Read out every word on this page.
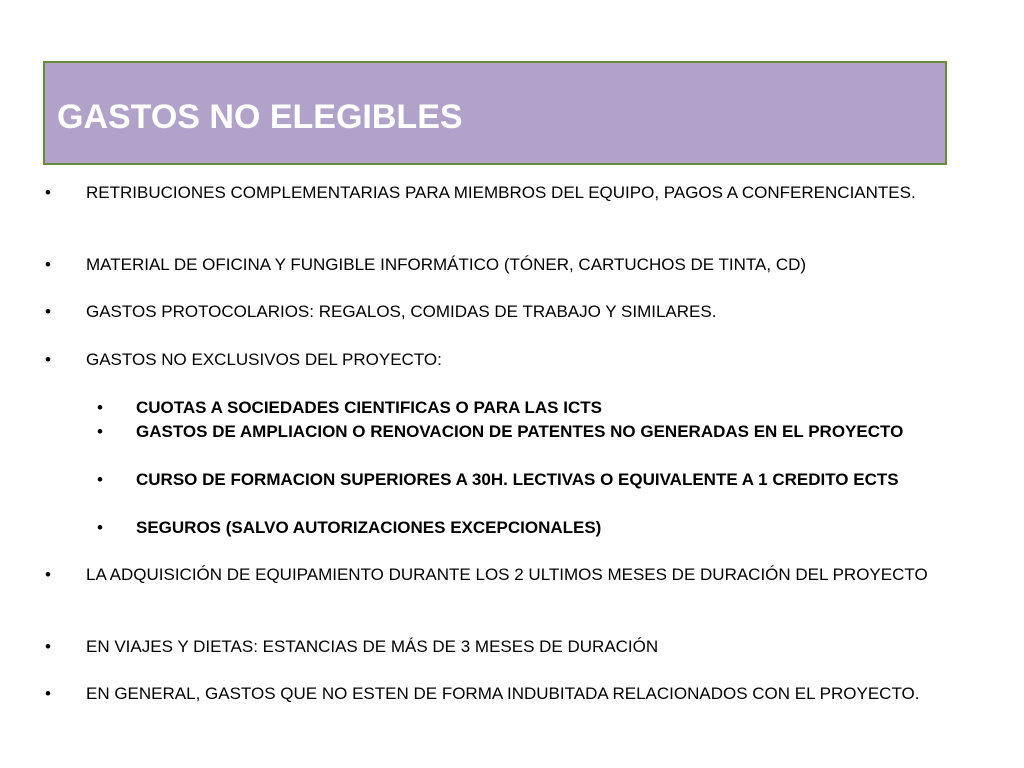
GASTOS NO ELEGIBLES
• RETRIBUCIONES COMPLEMENTARIAS PARA MIEMBROS DEL EQUIPO, PAGOS A CONFERENCIANTES.
• MATERIAL DE OFICINA Y FUNGIBLE INFORMÁTICO (TÓNER, CARTUCHOS DE TINTA, CD)
• GASTOS PROTOCOLARIOS: REGALOS, COMIDAS DE TRABAJO Y SIMILARES.
• GASTOS NO EXCLUSIVOS DEL PROYECTO:
• CUOTAS A SOCIEDADES CIENTIFICAS O PARA LAS ICTS
• GASTOS DE AMPLIACION O RENOVACION DE PATENTES NO GENERADAS EN EL PROYECTO
• CURSO DE FORMACION SUPERIORES A 30H. LECTIVAS O EQUIVALENTE A 1 CREDITO ECTS
• SEGUROS (SALVO AUTORIZACIONES EXCEPCIONALES)
• LA ADQUISICIÓN DE EQUIPAMIENTO DURANTE LOS 2 ULTIMOS MESES DE DURACIÓN DEL PROYECTO
• EN VIAJES Y DIETAS: ESTANCIAS DE MÁS DE 3 MESES DE DURACIÓN
• EN GENERAL, GASTOS QUE NO ESTEN DE FORMA INDUBITADA RELACIONADOS CON EL PROYECTO.
